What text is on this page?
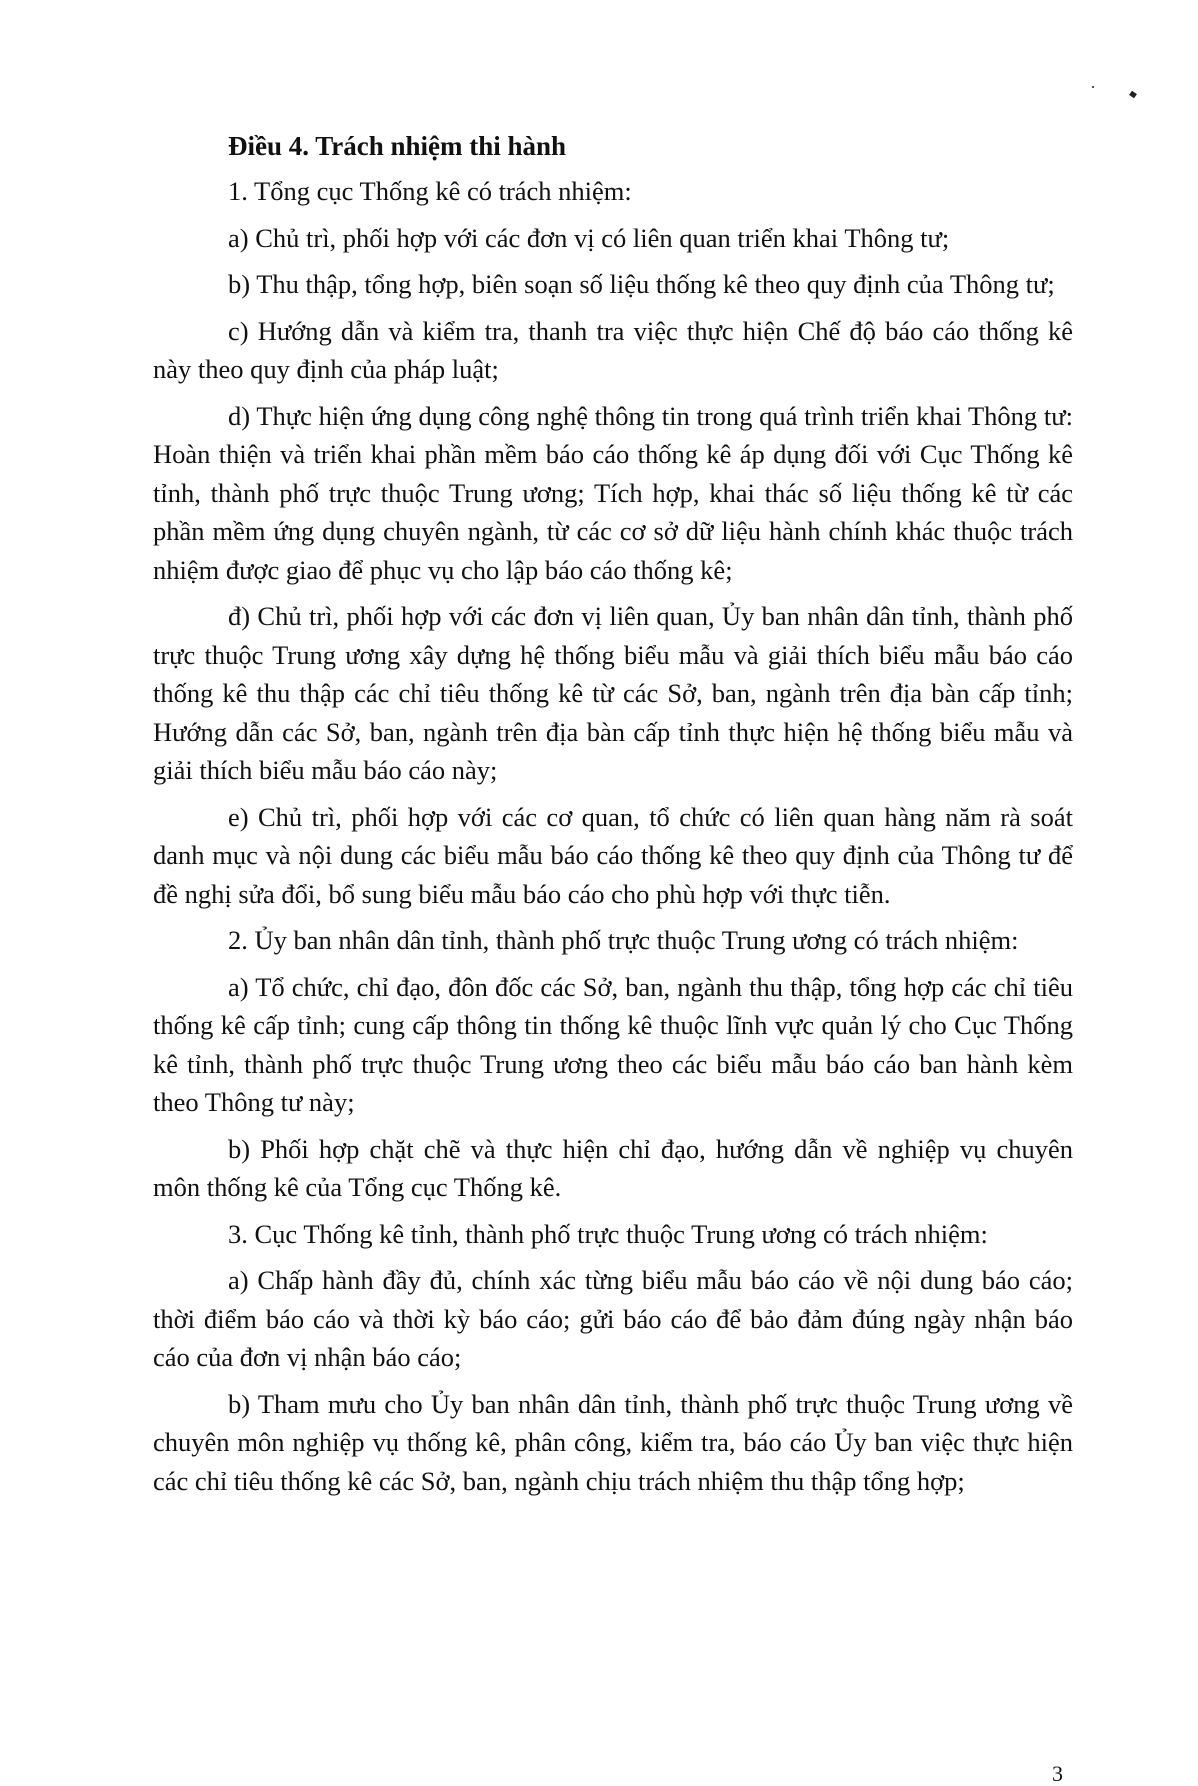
Điều 4. Trách nhiệm thi hành

1. Tổng cục Thống kê có trách nhiệm:

a) Chủ trì, phối hợp với các đơn vị có liên quan triển khai Thông tư;

b) Thu thập, tổng hợp, biên soạn số liệu thống kê theo quy định của Thông tư;

c) Hướng dẫn và kiểm tra, thanh tra việc thực hiện Chế độ báo cáo thống kê này theo quy định của pháp luật;

d) Thực hiện ứng dụng công nghệ thông tin trong quá trình triển khai Thông tư: Hoàn thiện và triển khai phần mềm báo cáo thống kê áp dụng đối với Cục Thống kê tỉnh, thành phố trực thuộc Trung ương; Tích hợp, khai thác số liệu thống kê từ các phần mềm ứng dụng chuyên ngành, từ các cơ sở dữ liệu hành chính khác thuộc trách nhiệm được giao để phục vụ cho lập báo cáo thống kê;

đ) Chủ trì, phối hợp với các đơn vị liên quan, Ủy ban nhân dân tỉnh, thành phố trực thuộc Trung ương xây dựng hệ thống biểu mẫu và giải thích biểu mẫu báo cáo thống kê thu thập các chỉ tiêu thống kê từ các Sở, ban, ngành trên địa bàn cấp tỉnh; Hướng dẫn các Sở, ban, ngành trên địa bàn cấp tỉnh thực hiện hệ thống biểu mẫu và giải thích biểu mẫu báo cáo này;

e) Chủ trì, phối hợp với các cơ quan, tổ chức có liên quan hàng năm rà soát danh mục và nội dung các biểu mẫu báo cáo thống kê theo quy định của Thông tư để đề nghị sửa đổi, bổ sung biểu mẫu báo cáo cho phù hợp với thực tiễn.

2. Ủy ban nhân dân tỉnh, thành phố trực thuộc Trung ương có trách nhiệm:

a) Tổ chức, chỉ đạo, đôn đốc các Sở, ban, ngành thu thập, tổng hợp các chỉ tiêu thống kê cấp tỉnh; cung cấp thông tin thống kê thuộc lĩnh vực quản lý cho Cục Thống kê tỉnh, thành phố trực thuộc Trung ương theo các biểu mẫu báo cáo ban hành kèm theo Thông tư này;

b) Phối hợp chặt chẽ và thực hiện chỉ đạo, hướng dẫn về nghiệp vụ chuyên môn thống kê của Tổng cục Thống kê.

3. Cục Thống kê tỉnh, thành phố trực thuộc Trung ương có trách nhiệm:

a) Chấp hành đầy đủ, chính xác từng biểu mẫu báo cáo về nội dung báo cáo; thời điểm báo cáo và thời kỳ báo cáo; gửi báo cáo để bảo đảm đúng ngày nhận báo cáo của đơn vị nhận báo cáo;

b) Tham mưu cho Ủy ban nhân dân tỉnh, thành phố trực thuộc Trung ương về chuyên môn nghiệp vụ thống kê, phân công, kiểm tra, báo cáo Ủy ban việc thực hiện các chỉ tiêu thống kê các Sở, ban, ngành chịu trách nhiệm thu thập tổng hợp;

3
